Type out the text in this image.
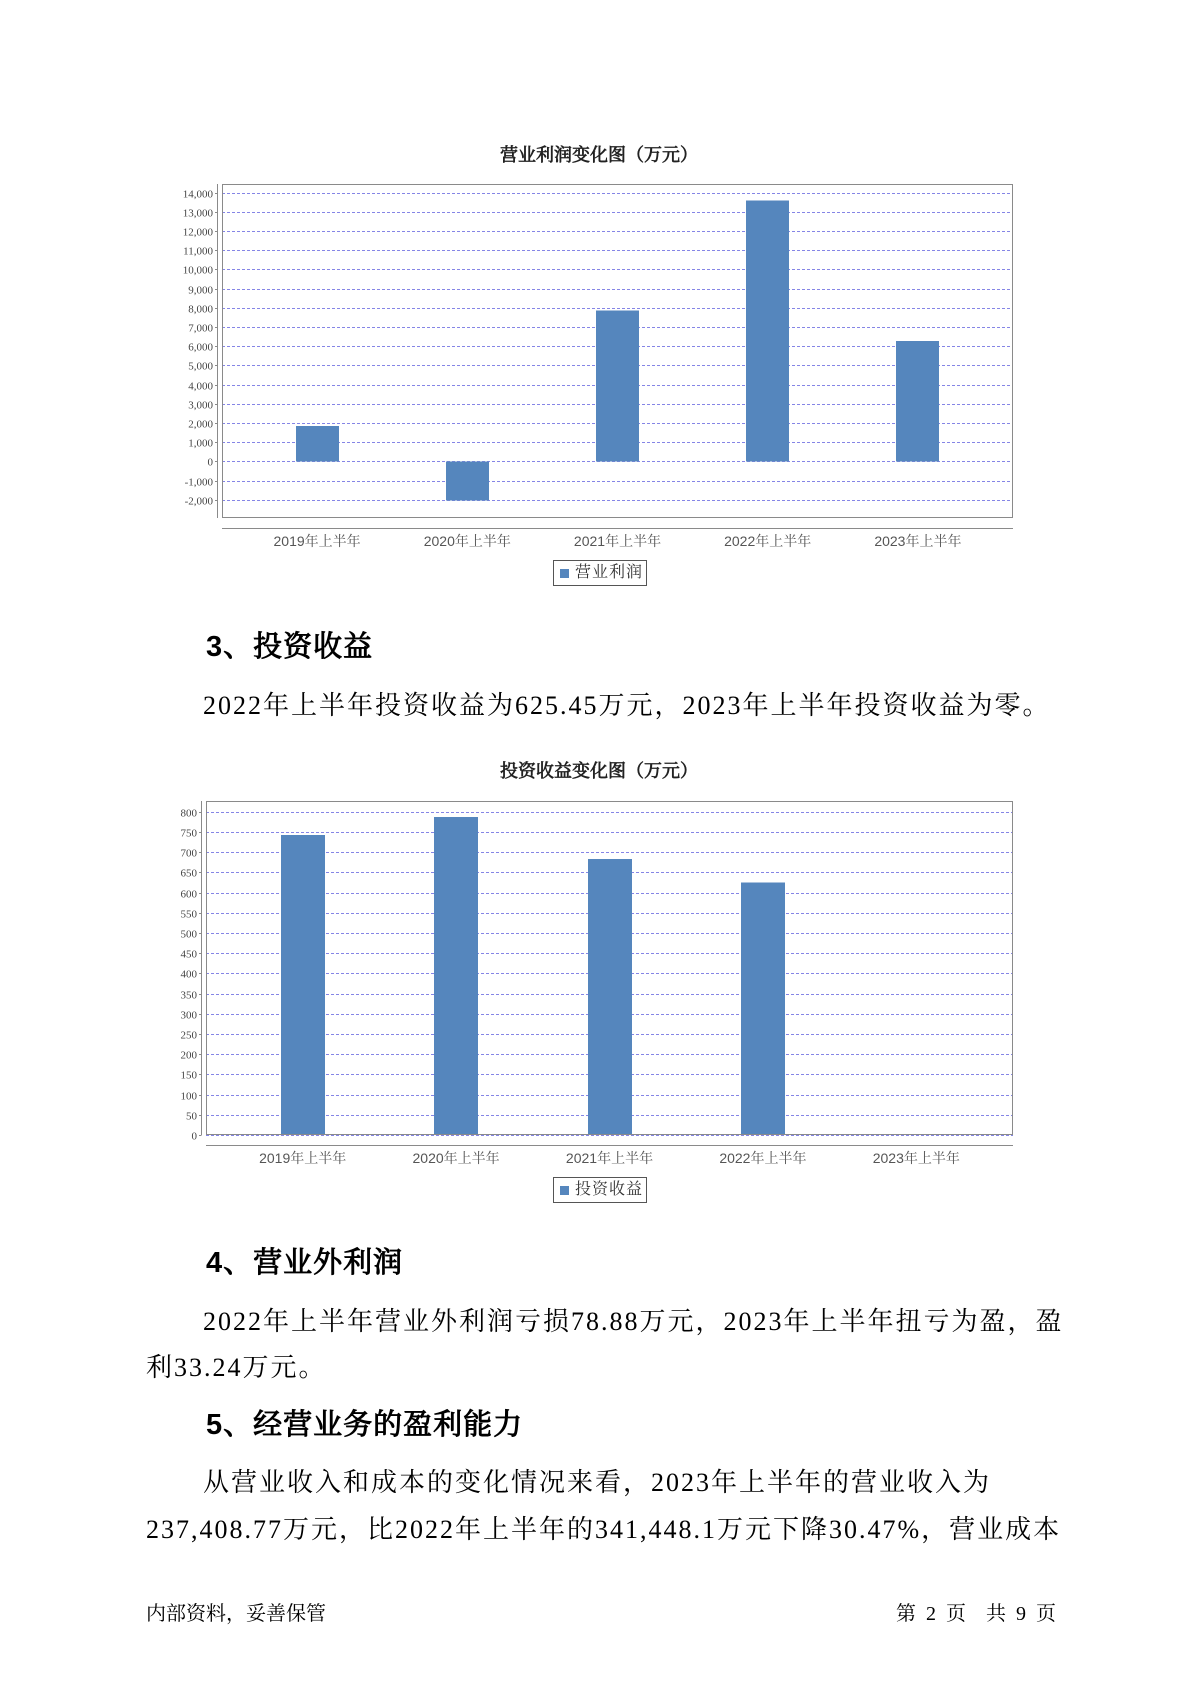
营业利润变化图（万元）
-2,000
-1,000
0
1,000
2,000
3,000
4,000
5,000
6,000
7,000
8,000
9,000
10,000
11,000
12,000
13,000
14,000
2019年上半年	2020年上半年	2021年上半年	2022年上半年	2023年上半年
营业利润
3、投资收益
2022年上半年投资收益为625.45万元，2023年上半年投资收益为零。
投资收益变化图（万元）
0
50
100
150
200
250
300
350
400
450
500
550
600
650
700
750
800
2019年上半年	2020年上半年	2021年上半年	2022年上半年	2023年上半年
投资收益
4、营业外利润
2022年上半年营业外利润亏损78.88万元，2023年上半年扭亏为盈，盈
利33.24万元。
5、经营业务的盈利能力
从营业收入和成本的变化情况来看，2023年上半年的营业收入为
237,408.77万元，比2022年上半年的341,448.1万元下降30.47%，营业成本
内部资料，妥善保管	第 2 页  共 9 页
